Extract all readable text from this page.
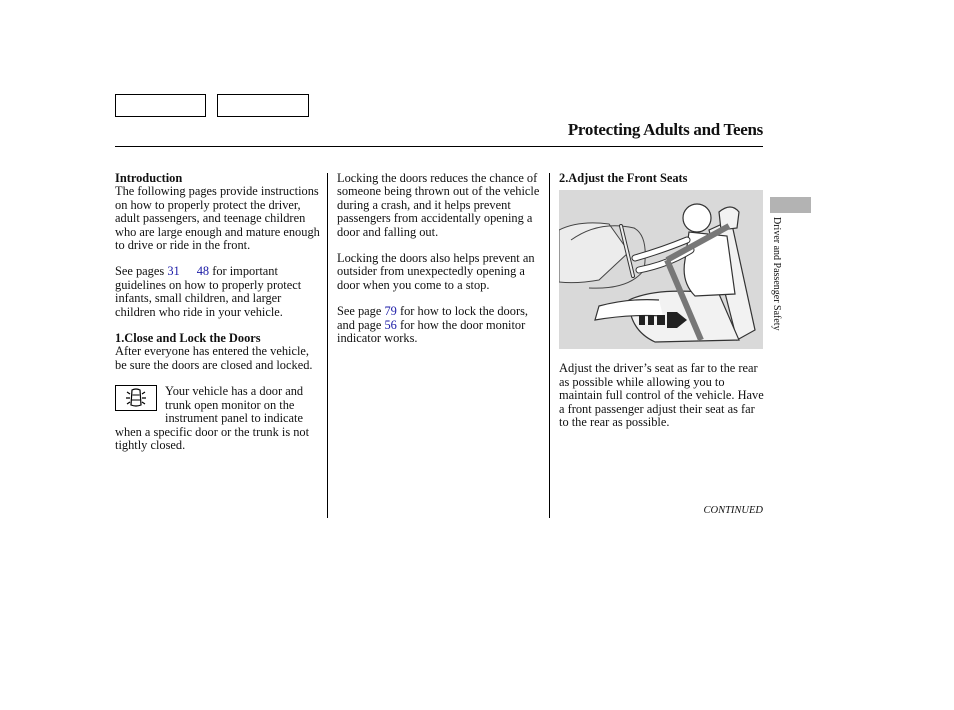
Protecting Adults and Teens
Introduction

The following pages provide instructions on how to properly protect the driver, adult passengers, and teenage children who are large enough and mature enough to drive or ride in the front.

See pages 31 48 for important guidelines on how to properly protect infants, small children, and larger children who ride in your vehicle.

1.Close and Lock the Doors

After everyone has entered the vehicle, be sure the doors are closed and locked.

Your vehicle has a door and trunk open monitor on the instrument panel to indicate when a specific door or the trunk is not tightly closed.

Locking the doors reduces the chance of someone being thrown out of the vehicle during a crash, and it helps prevent passengers from accidentally opening a door and falling out.

Locking the doors also helps prevent an outsider from unexpectedly opening a door when you come to a stop.

See page 79 for how to lock the doors, and page 56 for how the door monitor indicator works.

2.Adjust the Front Seats

Adjust the driver’s seat as far to the rear as possible while allowing you to maintain full control of the vehicle. Have a front passenger adjust their seat as far to the rear as possible.

Driver and Passenger Safety
CONTINUED
